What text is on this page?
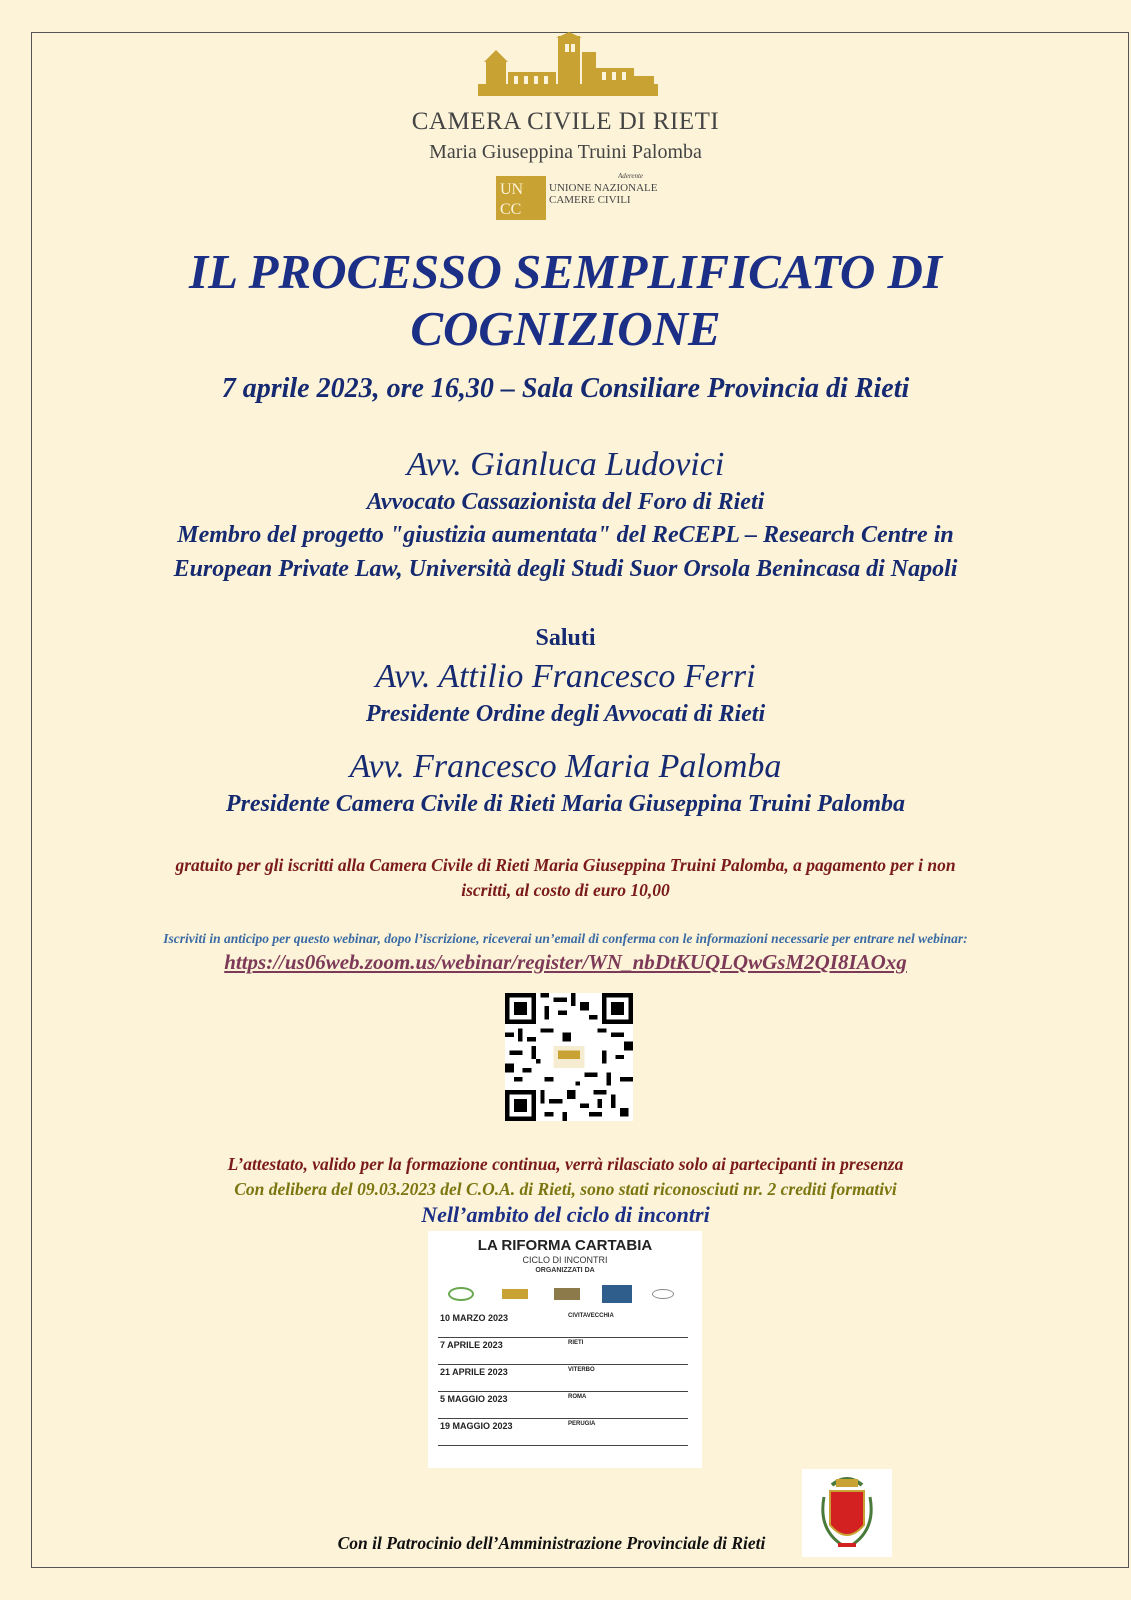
CAMERA CIVILE DI RIETI
Maria Giuseppina Truini Palomba
UN
CC
Aderente
UNIONE NAZIONALE
CAMERE CIVILI
IL PROCESSO SEMPLIFICATO DI
COGNIZIONE
7 aprile 2023, ore 16,30 – Sala Consiliare Provincia di Rieti
Avv. Gianluca Ludovici
Avvocato Cassazionista del Foro di Rieti
Membro del progetto "giustizia aumentata" del ReCEPL – Research Centre in
European Private Law, Università degli Studi Suor Orsola Benincasa di Napoli
Saluti
Avv. Attilio Francesco Ferri
Presidente Ordine degli Avvocati di Rieti
Avv. Francesco Maria Palomba
Presidente Camera Civile di Rieti Maria Giuseppina Truini Palomba
gratuito per gli iscritti alla Camera Civile di Rieti Maria Giuseppina Truini Palomba, a pagamento per i non
iscritti, al costo di euro 10,00
Iscriviti in anticipo per questo webinar, dopo l’iscrizione, riceverai un’email di conferma con le informazioni necessarie per entrare nel webinar:
https://us06web.zoom.us/webinar/register/WN_nbDtKUQLQwGsM2QI8IAOxg
L’attestato, valido per la formazione continua, verrà rilasciato solo ai partecipanti in presenza
Con delibera del 09.03.2023 del C.O.A. di Rieti, sono stati riconosciuti nr. 2 crediti formativi
Nell’ambito del ciclo di incontri
LA RIFORMA CARTABIA
CICLO DI INCONTRI
ORGANIZZATI DA
10 MARZO 2023	CIVITAVECCHIA
7 APRILE 2023	RIETI
21 APRILE 2023	VITERBO
5 MAGGIO 2023	ROMA
19 MAGGIO 2023	PERUGIA
Con il Patrocinio dell’Amministrazione Provinciale di Rieti
